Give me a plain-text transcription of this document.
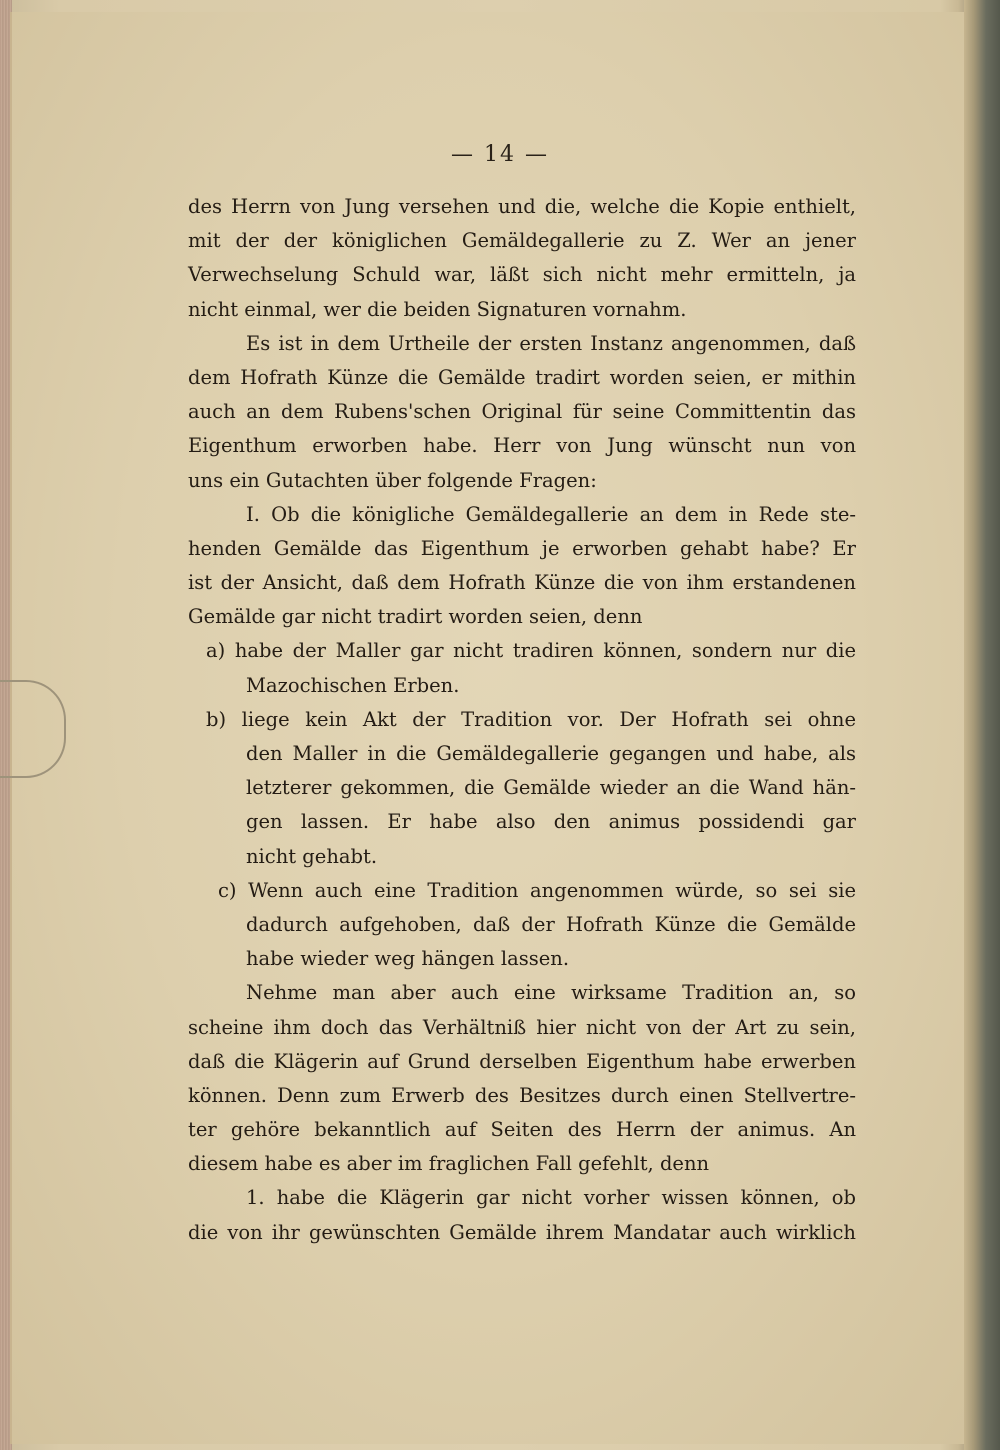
— 14 —
des Herrn von Jung versehen und die, welche die Kopie enthielt,
mit der der königlichen Gemäldegallerie zu Z. Wer an jener
Verwechselung Schuld war, läßt sich nicht mehr ermitteln, ja
nicht einmal, wer die beiden Signaturen vornahm.
Es ist in dem Urtheile der ersten Instanz angenommen, daß
dem Hofrath Künze die Gemälde tradirt worden seien, er mithin
auch an dem Rubens'schen Original für seine Committentin das
Eigenthum erworben habe. Herr von Jung wünscht nun von
uns ein Gutachten über folgende Fragen:
I. Ob die königliche Gemäldegallerie an dem in Rede ste-
henden Gemälde das Eigenthum je erworben gehabt habe? Er
ist der Ansicht, daß dem Hofrath Künze die von ihm erstandenen
Gemälde gar nicht tradirt worden seien, denn
a) habe der Maller gar nicht tradiren können, sondern nur die
Mazochischen Erben.
b) liege kein Akt der Tradition vor. Der Hofrath sei ohne
den Maller in die Gemäldegallerie gegangen und habe, als
letzterer gekommen, die Gemälde wieder an die Wand hän-
gen lassen. Er habe also den animus possidendi gar
nicht gehabt.
c) Wenn auch eine Tradition angenommen würde, so sei sie
dadurch aufgehoben, daß der Hofrath Künze die Gemälde
habe wieder weg hängen lassen.
Nehme man aber auch eine wirksame Tradition an, so
scheine ihm doch das Verhältniß hier nicht von der Art zu sein,
daß die Klägerin auf Grund derselben Eigenthum habe erwerben
können. Denn zum Erwerb des Besitzes durch einen Stellvertre-
ter gehöre bekanntlich auf Seiten des Herrn der animus. An
diesem habe es aber im fraglichen Fall gefehlt, denn
1. habe die Klägerin gar nicht vorher wissen können, ob
die von ihr gewünschten Gemälde ihrem Mandatar auch wirklich
